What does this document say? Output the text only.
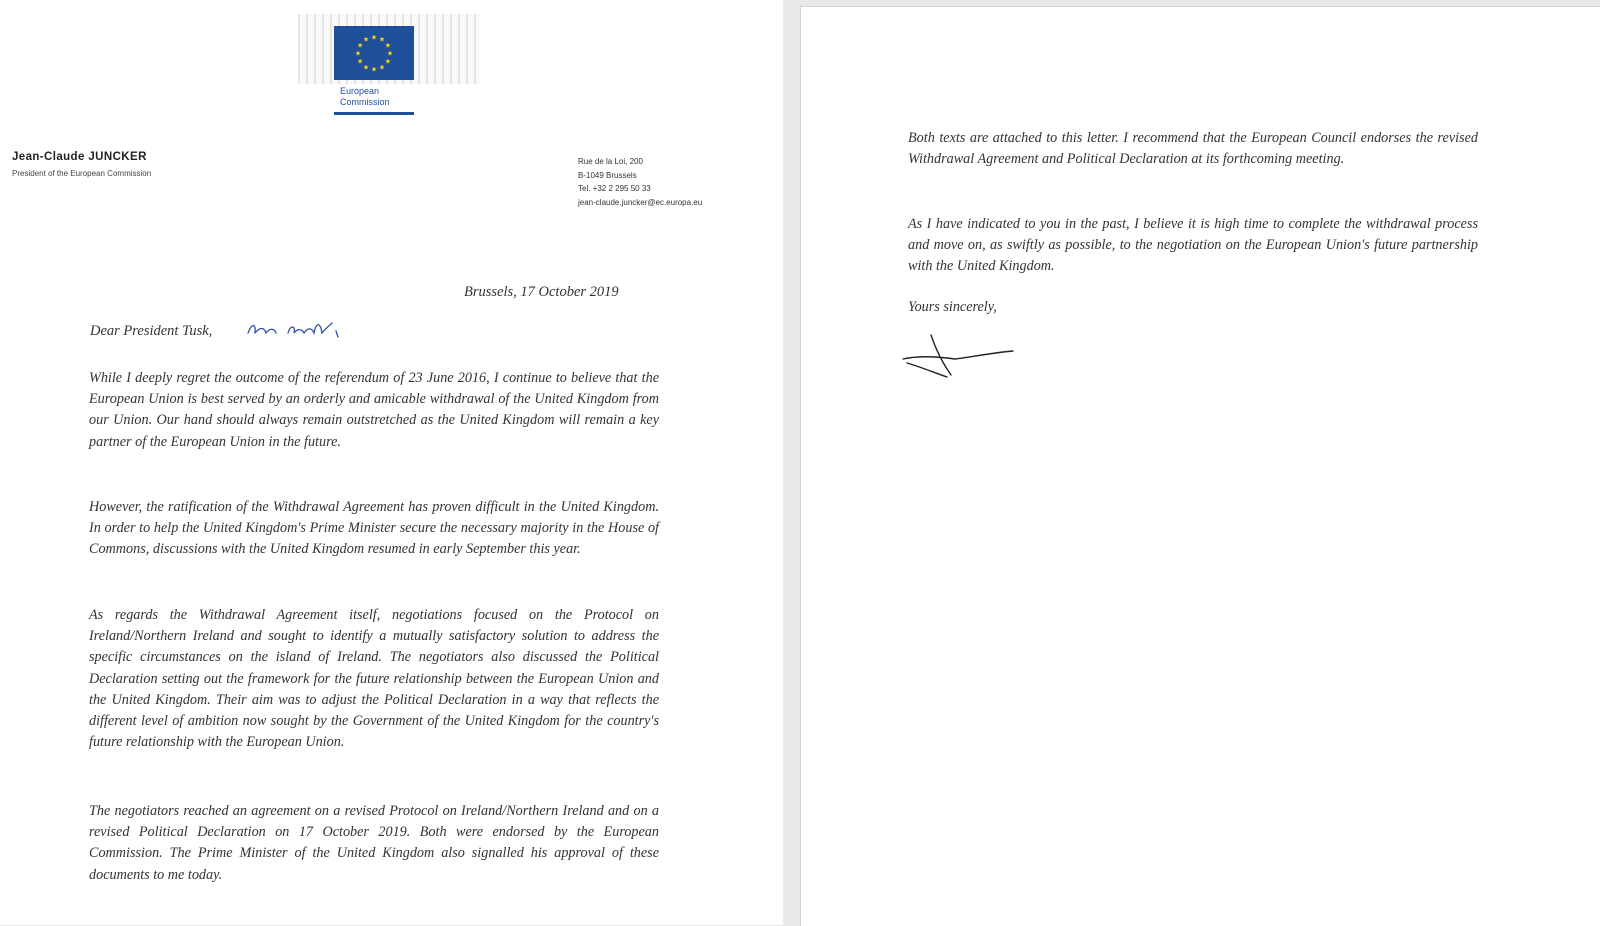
★ ★
★
★
★
★
★
★
★
★
★
★
European
Commission
Jean-Claude JUNCKER
President of the European Commission
Rue de la Loi, 200
B-1049 Brussels
Tel. +32 2 295 50 33
jean-claude.juncker@ec.europa.eu
Brussels, 17 October 2019
Dear President Tusk,

While I deeply regret the outcome of the referendum of 23 June 2016, I continue to believe that the European Union is best served by an orderly and amicable withdrawal of the United Kingdom from our Union. Our hand should always remain outstretched as the United Kingdom will remain a key partner of the European Union in the future.

However, the ratification of the Withdrawal Agreement has proven difficult in the United Kingdom. In order to help the United Kingdom's Prime Minister secure the necessary majority in the House of Commons, discussions with the United Kingdom resumed in early September this year.

As regards the Withdrawal Agreement itself, negotiations focused on the Protocol on Ireland/Northern Ireland and sought to identify a mutually satisfactory solution to address the specific circumstances on the island of Ireland. The negotiators also discussed the Political Declaration setting out the framework for the future relationship between the European Union and the United Kingdom. Their aim was to adjust the Political Declaration in a way that reflects the different level of ambition now sought by the Government of the United Kingdom for the country's future relationship with the European Union.

The negotiators reached an agreement on a revised Protocol on Ireland/Northern Ireland and on a revised Political Declaration on 17 October 2019. Both were endorsed by the European Commission. The Prime Minister of the United Kingdom also signalled his approval of these documents to me today.

Both texts are attached to this letter. I recommend that the European Council endorses the revised Withdrawal Agreement and Political Declaration at its forthcoming meeting.

As I have indicated to you in the past, I believe it is high time to complete the withdrawal process and move on, as swiftly as possible, to the negotiation on the European Union's future partnership with the United Kingdom.

Yours sincerely,
